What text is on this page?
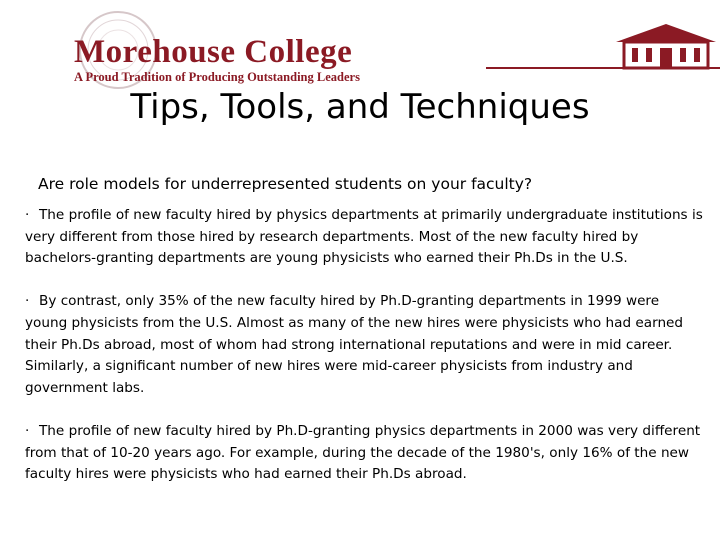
Morehouse College
A Proud Tradition of Producing Outstanding Leaders
Tips, Tools, and Techniques
Are role models for underrepresented students on your faculty?

· The profile of new faculty hired by physics departments at primarily undergraduate institutions is very different from those hired by research departments. Most of the new faculty hired by bachelors-granting departments are young physicists who earned their Ph.Ds in the U.S.

· By contrast, only 35% of the new faculty hired by Ph.D-granting departments in 1999 were young physicists from the U.S. Almost as many of the new hires were physicists who had earned their Ph.Ds abroad, most of whom had strong international reputations and were in mid career. Similarly, a significant number of new hires were mid-career physicists from industry and government labs.

· The profile of new faculty hired by Ph.D-granting physics departments in 2000 was very different from that of 10-20 years ago. For example, during the decade of the 1980's, only 16% of the new faculty hires were physicists who had earned their Ph.Ds abroad.
